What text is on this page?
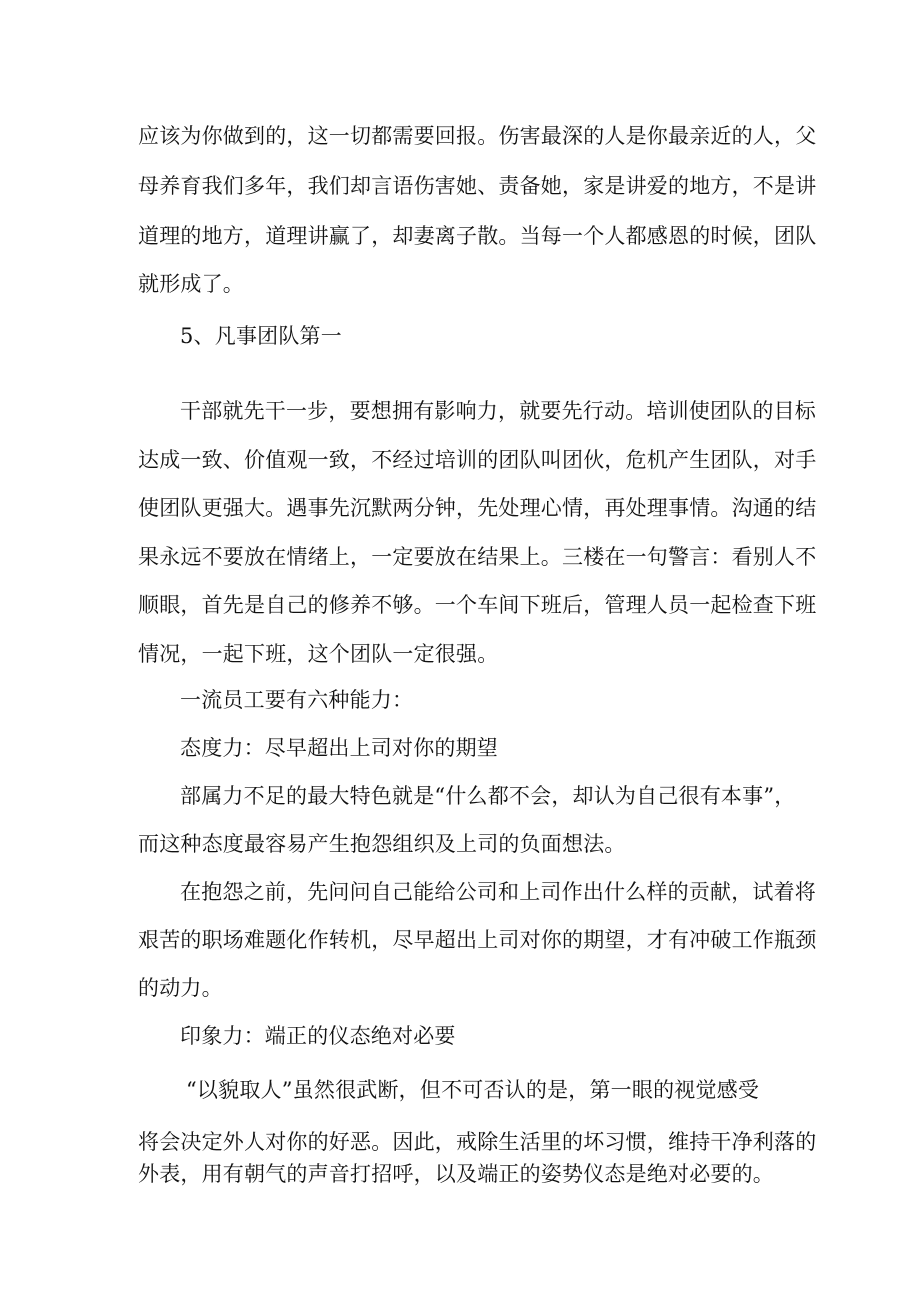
应该为你做到的，这一切都需要回报。伤害最深的人是你最亲近的人，父
母养育我们多年，我们却言语伤害她、责备她，家是讲爱的地方，不是讲
道理的地方，道理讲赢了，却妻离子散。当每一个人都感恩的时候，团队
就形成了。
5、凡事团队第一
干部就先干一步，要想拥有影响力，就要先行动。培训使团队的目标
达成一致、价值观一致，不经过培训的团队叫团伙，危机产生团队，对手
使团队更强大。遇事先沉默两分钟，先处理心情，再处理事情。沟通的结
果永远不要放在情绪上，一定要放在结果上。三楼在一句警言：看别人不
顺眼，首先是自己的修养不够。一个车间下班后，管理人员一起检查下班
情况，一起下班，这个团队一定很强。
一流员工要有六种能力：
态度力：尽早超出上司对你的期望
部属力不足的最大特色就是“什么都不会，却认为自己很有本事”，
而这种态度最容易产生抱怨组织及上司的负面想法。
在抱怨之前，先问问自己能给公司和上司作出什么样的贡献，试着将
艰苦的职场难题化作转机，尽早超出上司对你的期望，才有冲破工作瓶颈
的动力。
印象力：端正的仪态绝对必要
“以貌取人”虽然很武断，但不可否认的是，第一眼的视觉感受
将会决定外人对你的好恶。因此，戒除生活里的坏习惯，维持干净利落的
外表，用有朝气的声音打招呼，以及端正的姿势仪态是绝对必要的。
